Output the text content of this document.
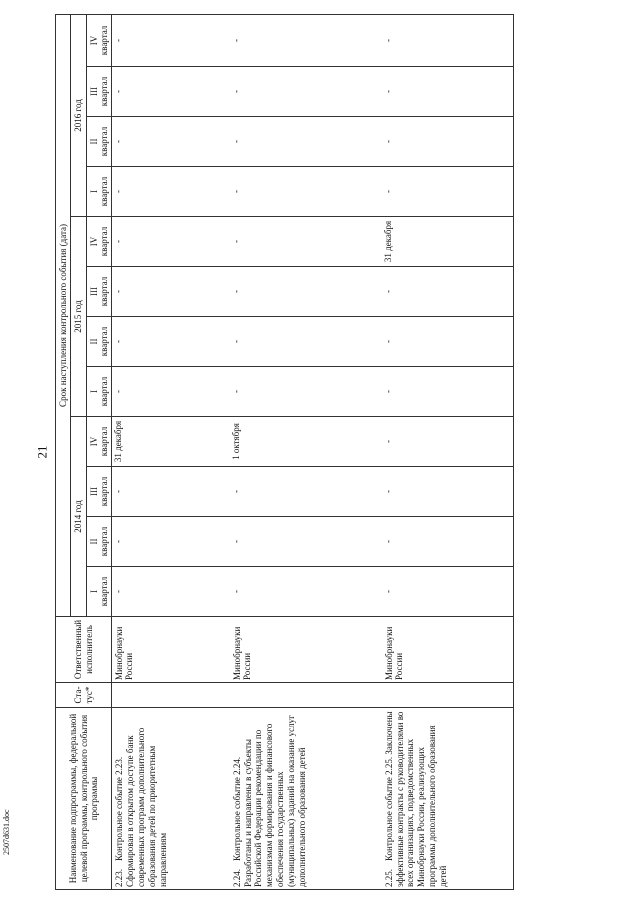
21
2507d631.doc	Наименование подпрограммы, федеральной целевой программы, контрольного события программы	Ста-тус*	Ответственный исполнитель	Срок наступления контрольного события (дата)											
			2014 год				2015 год				2016 год			

			I квартал	II квартал	III квартал	IV квартал	I квартал	II квартал	III квартал	IV квартал	I квартал	II квартал	III квартал	IV квартал

2.23.Контрольное событие 2.23. Сформирован в открытом доступе банк современных программ дополнительного образования детей по приоритетным направлениям		Минобрнауки России	-	-	-	31 декабря	-	-	-	-	-	-	-	-
2.24.Контрольное событие 2.24. Разработаны и направлены в субъекты Российской Федерации рекомендации по механизмам формирования и финансового обеспечения государственных (муниципальных) заданий на оказание услуг дополнительного образования детей		Минобрнауки России	-	-	-	1 октября	-	-	-	-	-	-	-	-
2.25.Контрольное событие 2.25. Заключены эффективные контракты с руководителями во всех организациях, подведомственных Минобрнауки России, реализующих программы дополнительного образования детей		Минобрнауки России	-	-	-	-	-	-	-	31 декабря	-	-	-	-
